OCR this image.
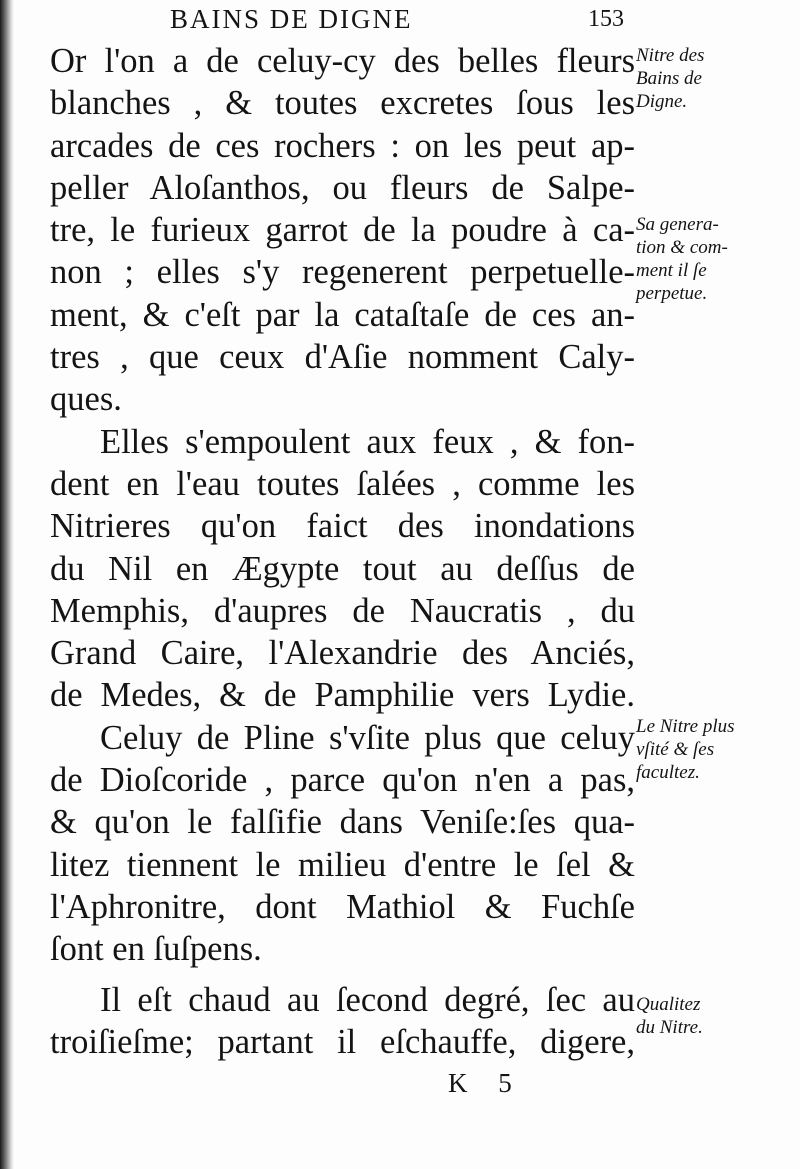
BAINS DE DIGNE	153
Or l'on a de celuy-cy des belles fleurs
blanches , & toutes excretes ſous les
arcades de ces rochers : on les peut ap-
peller Aloſanthos, ou fleurs de Salpe-
tre, le furieux garrot de la poudre à ca-
non ; elles s'y regenerent perpetuelle-
ment, & c'eſt par la cataſtaſe de ces an-
tres , que ceux d'Aſie nomment Caly-
ques.
Elles s'empoulent aux feux , & fon-
dent en l'eau toutes ſalées , comme les
Nitrieres qu'on faict des inondations
du Nil en Ægypte tout au deſſus de
Memphis, d'aupres de Naucratis , du
Grand Caire, l'Alexandrie des Anciés,
de Medes, & de Pamphilie vers Lydie.
Celuy de Pline s'vſite plus que celuy
de Dioſcoride , parce qu'on n'en a pas,
& qu'on le falſifie dans Veniſe:ſes qua-
litez tiennent le milieu d'entre le ſel &
l'Aphronitre, dont Mathiol & Fuchſe
ſont en ſuſpens.
Il eſt chaud au ſecond degré, ſec au
troiſieſme; partant il eſchauffe, digere,
Nitre des
Bains de
Digne.
Sa genera-
tion & com-
ment il ſe
perpetue.
Le Nitre plus
vſité & ſes
facultez.
Qualitez
du Nitre.
K 5
